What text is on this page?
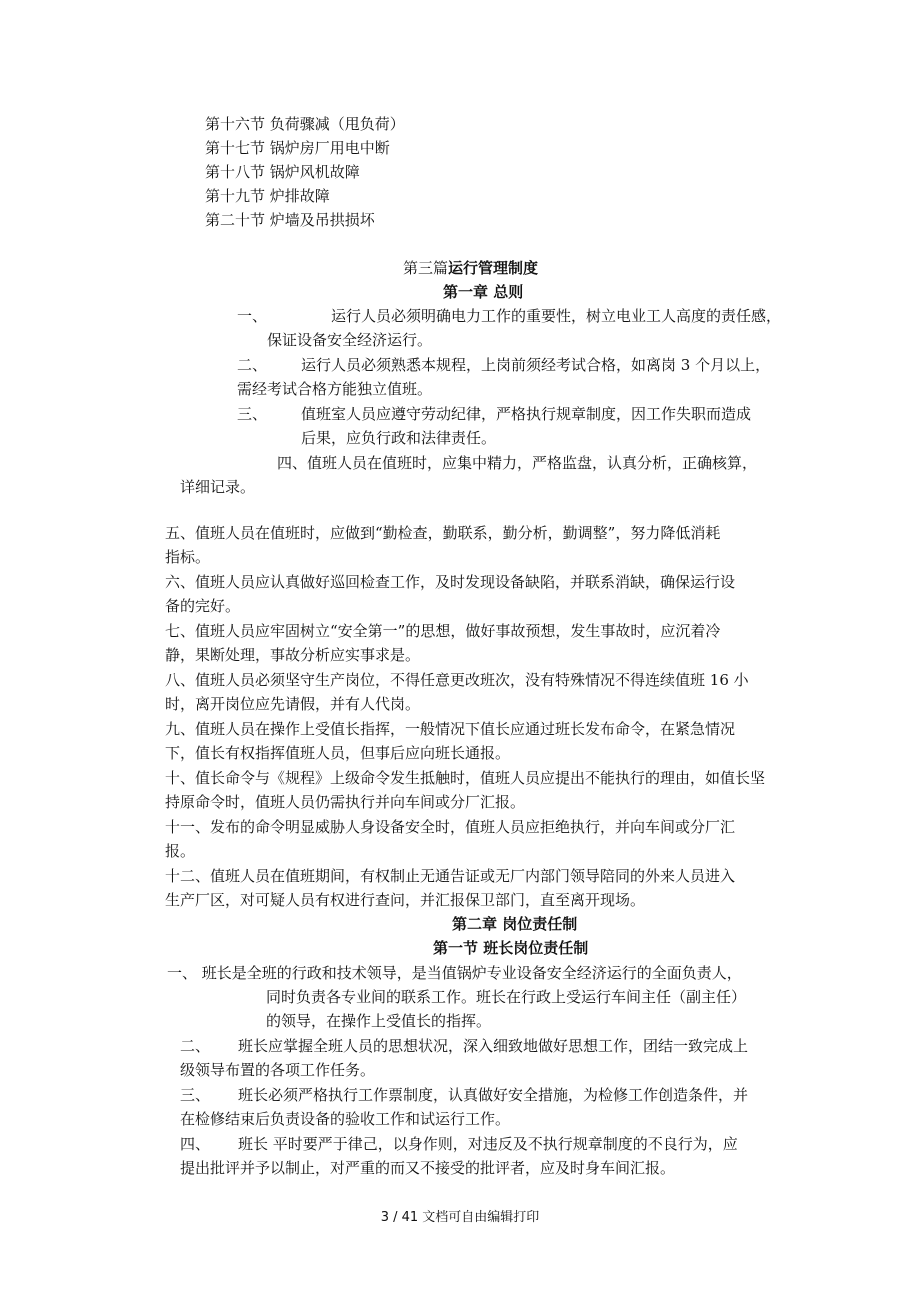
第十六节 负荷骤减（甩负荷）
第十七节 锅炉房厂用电中断
第十八节 锅炉风机故障
第十九节 炉排故障
第二十节 炉墙及吊拱损坏
第三篇运行管理制度
第一章 总则
一、	运行人员必须明确电力工作的重要性，树立电业工人高度的责任感，
保证设备安全经济运行。
二、 运行人员必须熟悉本规程，上岗前须经考试合格，如离岗 3 个月以上，
需经考试合格方能独立值班。
三、 值班室人员应遵守劳动纪律，严格执行规章制度，因工作失职而造成
后果，应负行政和法律责任。
四、值班人员在值班时，应集中精力，严格监盘，认真分析，正确核算，
详细记录。
五、值班人员在值班时，应做到“勤检查，勤联系，勤分析，勤调整”，努力降低消耗
指标。
六、值班人员应认真做好巡回检查工作，及时发现设备缺陷，并联系消缺，确保运行设
备的完好。
七、值班人员应牢固树立“安全第一”的思想，做好事故预想，发生事故时，应沉着冷
静，果断处理，事故分析应实事求是。
八、值班人员必须坚守生产岗位，不得任意更改班次，没有特殊情况不得连续值班 16 小
时，离开岗位应先请假，并有人代岗。
九、值班人员在操作上受值长指挥，一般情况下值长应通过班长发布命令，在紧急情况
下，值长有权指挥值班人员，但事后应向班长通报。
十、值长命令与《规程》上级命令发生抵触时，值班人员应提出不能执行的理由，如值长坚
持原命令时，值班人员仍需执行并向车间或分厂汇报。
十一、发布的命令明显威胁人身设备安全时，值班人员应拒绝执行，并向车间或分厂汇
报。
十二、值班人员在值班期间，有权制止无通告证或无厂内部门领导陪同的外来人员进入
生产厂区，对可疑人员有权进行查问，并汇报保卫部门，直至离开现场。
第二章 岗位责任制
第一节 班长岗位责任制
一、 班长是全班的行政和技术领导，是当值锅炉专业设备安全经济运行的全面负责人，
同时负责各专业间的联系工作。班长在行政上受运行车间主任（副主任）
的领导，在操作上受值长的指挥。
二、 班长应掌握全班人员的思想状况，深入细致地做好思想工作，团结一致完成上
级领导布置的各项工作任务。
三、 班长必须严格执行工作票制度，认真做好安全措施，为检修工作创造条件，并
在检修结束后负责设备的验收工作和试运行工作。
四、 班长 平时要严于律己，以身作则，对违反及不执行规章制度的不良行为，应
提出批评并予以制止，对严重的而又不接受的批评者，应及时身车间汇报。
3 / 41 文档可自由编辑打印
